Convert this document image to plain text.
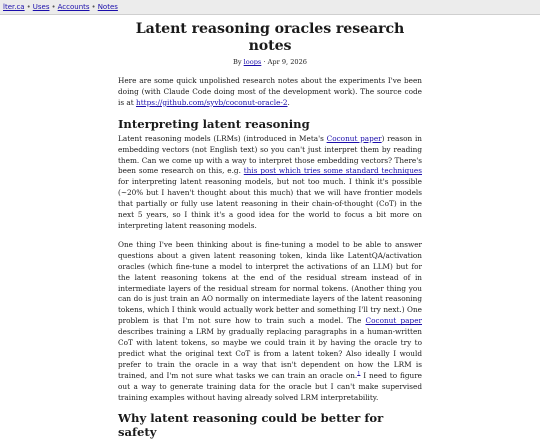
lter.ca • Uses • Accounts • Notes
Latent reasoning oracles research notes
By loops · Apr 9, 2026

Here are some quick unpolished research notes about the experiments I've been doing (with Claude Code doing most of the development work). The source code is at https://github.com/syvb/coconut-oracle-2.

Interpreting latent reasoning

Latent reasoning models (LRMs) (introduced in Meta's Coconut paper) reason in embedding vectors (not English text) so you can't just interpret them by reading them. Can we come up with a way to interpret those embedding vectors? There's been some research on this, e.g. this post which tries some standard techniques for interpreting latent reasoning models, but not too much. I think it's possible (~20% but I haven't thought about this much) that we will have frontier models that partially or fully use latent reasoning in their chain-of-thought (CoT) in the next 5 years, so I think it's a good idea for the world to focus a bit more on interpreting latent reasoning models.

One thing I've been thinking about is fine-tuning a model to be able to answer questions about a given latent reasoning token, kinda like LatentQA/activation oracles (which fine-tune a model to interpret the activations of an LLM) but for the latent reasoning tokens at the end of the residual stream instead of in intermediate layers of the residual stream for normal tokens. (Another thing you can do is just train an AO normally on intermediate layers of the latent reasoning tokens, which I think would actually work better and something I'll try next.) One problem is that I'm not sure how to train such a model. The Coconut paper describes training a LRM by gradually replacing paragraphs in a human-written CoT with latent tokens, so maybe we could train it by having the oracle try to predict what the original text CoT is from a latent token? Also ideally I would prefer to train the oracle in a way that isn't dependent on how the LRM is trained, and I'm not sure what tasks we can train an oracle on.$^1$ I need to figure out a way to generate training data for the oracle but I can't make supervised training examples without having already solved LRM interpretability.

Why latent reasoning could be better for safety
